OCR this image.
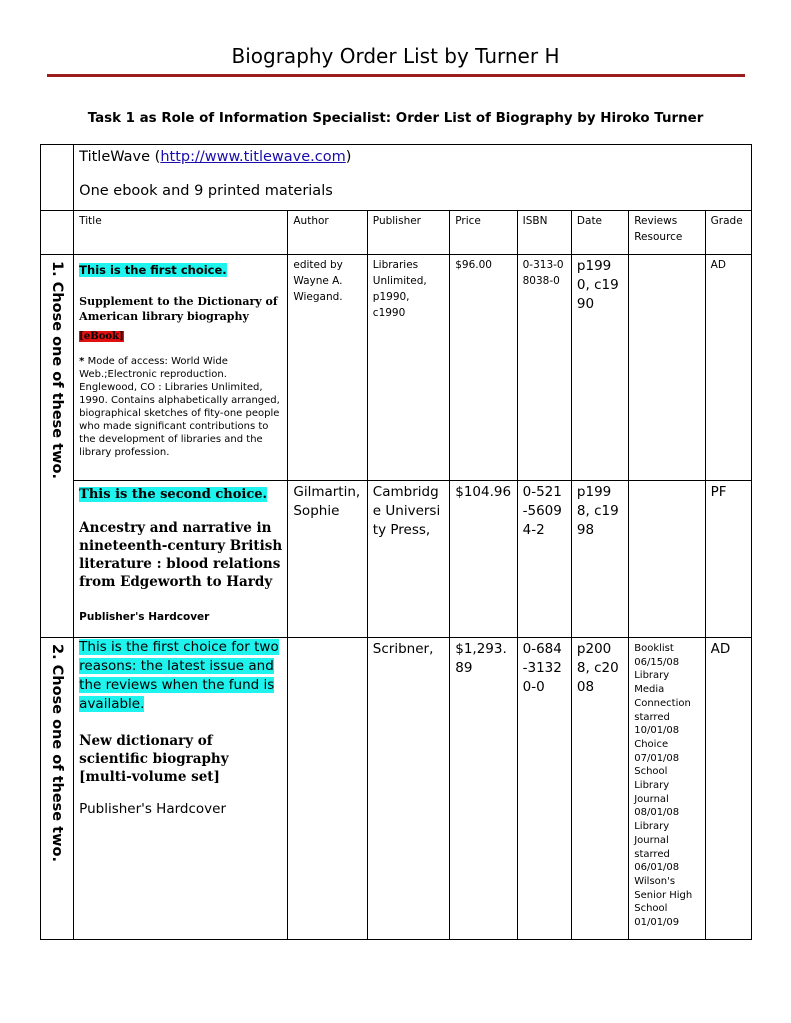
Biography Order List by Turner H
Task 1 as Role of Information Specialist: Order List of Biography by Hiroko Turner

	TitleWave (http://www.titlewave.com)
One ebook and 9 printed materials							

	Title	Author	Publisher	Price	ISBN	Date	Reviews Resource	Grade

1. Chose one of these two.	This is the first choice.
Supplement to the Dictionary of American library biography
[eBook]
* Mode of access: World Wide Web.;Electronic reproduction. Englewood, CO : Libraries Unlimited, 1990. Contains alphabetically arranged, biographical sketches of fity-one people who made significant contributions to the development of libraries and the library profession.	edited by Wayne A. Wiegand.	Libraries Unlimited, p1990, c1990	$96.00	0-313-08038-0	p1990, c1990		AD

	This is the second choice.
Ancestry and narrative in nineteenth-century British literature : blood relations from Edgeworth to Hardy
Publisher's Hardcover	Gilmartin, Sophie	Cambridge University Press,	$104.96	0-521-56094-2	p1998, c1998		PF

2. Chose one of these two.	This is the first choice for two reasons: the latest issue and the reviews when the fund is available.
New dictionary of scientific biography [multi-volume set]
Publisher's Hardcover		Scribner,	$1,293.89	0-684-31320-0	p2008, c2008	Booklist 06/15/08 Library Media Connection starred 10/01/08 Choice 07/01/08 School Library Journal 08/01/08 Library Journal starred 06/01/08 Wilson's Senior High School 01/01/09	AD
